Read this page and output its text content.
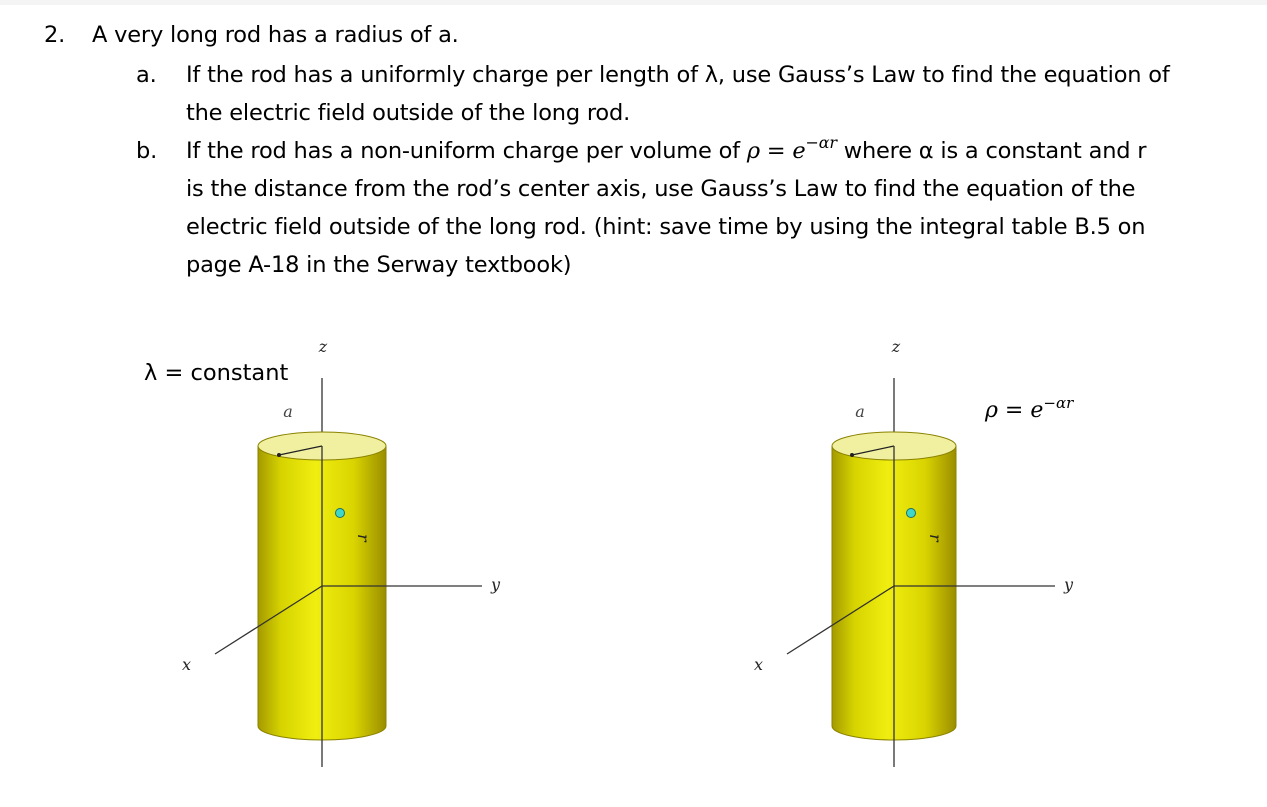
2. A very long rod has a radius of a.
a. If the rod has a uniformly charge per length of λ, use Gauss’s Law to find the equation of
the electric field outside of the long rod.
b. If the rod has a non-uniform charge per volume of $\rho = e^{-\alpha r}$ where α is a constant and r
is the distance from the rod’s center axis, use Gauss’s Law to find the equation of the
electric field outside of the long rod. (hint: save time by using the integral table B.5 on
page A-18 in the Serway textbook)
λ = constant
$\rho = e^{-\alpha r}$
z
a
y
x
r
z
a
y
x
r
